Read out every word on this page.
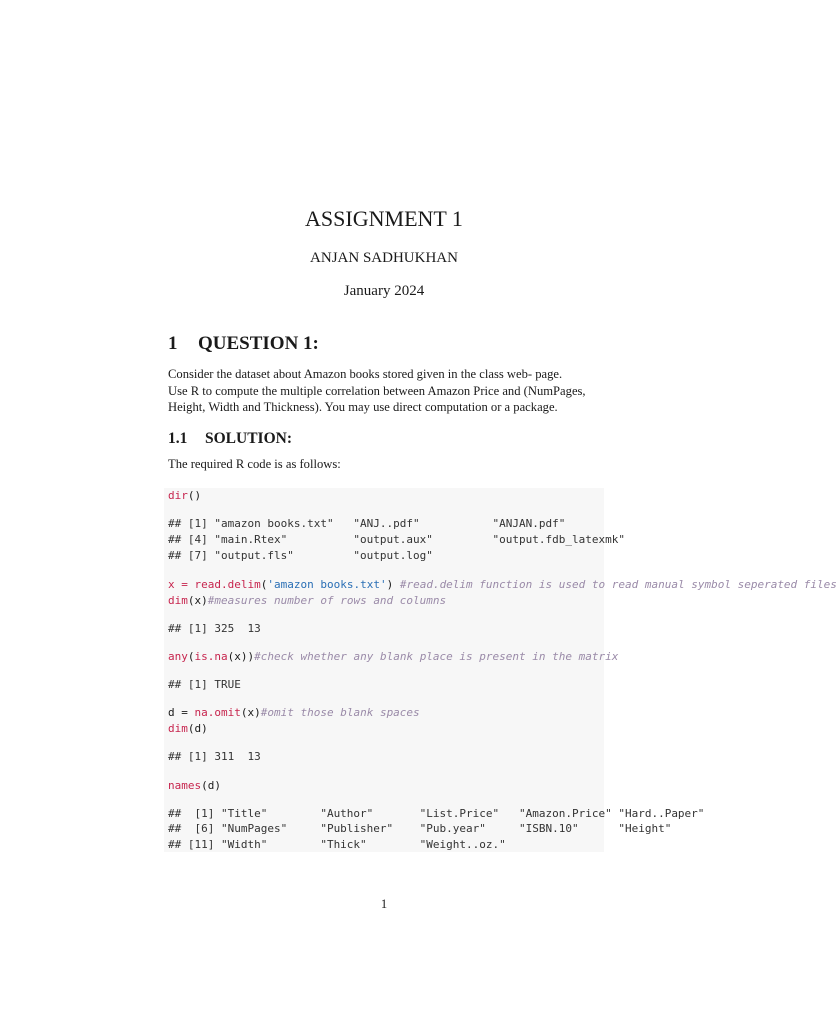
ASSIGNMENT 1
ANJAN SADHUKHAN
January 2024
1 QUESTION 1:

Consider the dataset about Amazon books stored given in the class web- page.
Use R to compute the multiple correlation between Amazon Price and (NumPages,
Height, Width and Thickness). You may use direct computation or a package.

1.1 SOLUTION:

The required R code is as follows:

dir()
## [1] "amazon books.txt"   "ANJ..pdf"           "ANJAN.pdf"
## [4] "main.Rtex"          "output.aux"         "output.fdb_latexmk"
## [7] "output.fls"         "output.log"
x = read.delim('amazon books.txt') #read.delim function is used to read manual symbol seperated files
dim(x)#measures number of rows and columns
## [1] 325  13
any(is.na(x))#check whether any blank place is present in the matrix
## [1] TRUE
d = na.omit(x)#omit those blank spaces
dim(d)
## [1] 311  13
names(d)
##  [1] "Title"        "Author"       "List.Price"   "Amazon.Price" "Hard..Paper"
##  [6] "NumPages"     "Publisher"    "Pub.year"     "ISBN.10"      "Height"
## [11] "Width"        "Thick"        "Weight..oz."
1
